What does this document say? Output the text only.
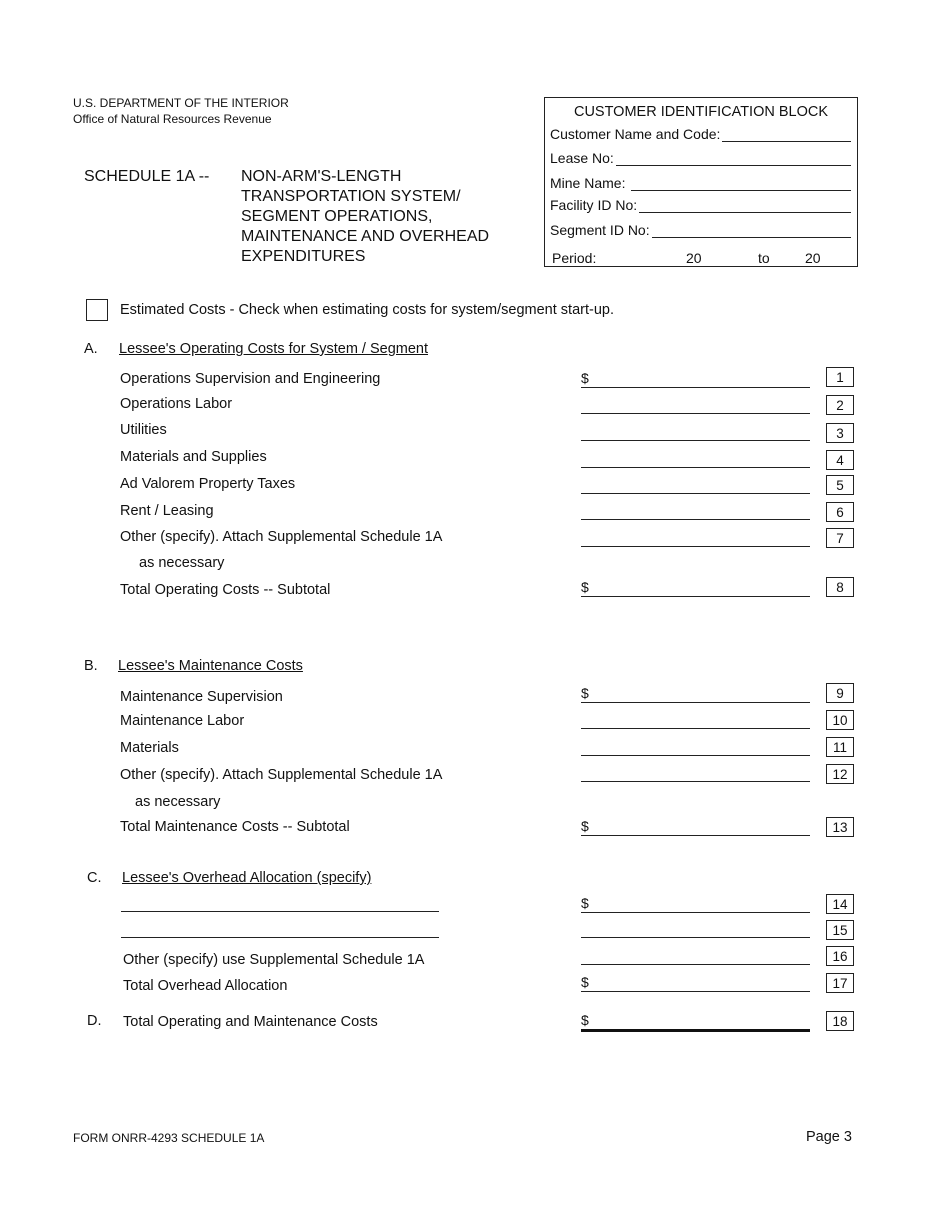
U.S. DEPARTMENT OF THE INTERIOR
Office of Natural Resources Revenue
SCHEDULE 1A -- NON-ARM'S-LENGTH
TRANSPORTATION SYSTEM/
SEGMENT OPERATIONS,
MAINTENANCE AND OVERHEAD
EXPENDITURES
CUSTOMER IDENTIFICATION BLOCK
Customer Name and Code:
Lease No:
Mine Name:
Facility ID No:
Segment ID No:
Period:	20	to	20
Estimated Costs - Check when estimating costs for system/segment start-up.
A. Lessee's Operating Costs for System / Segment
Operations Supervision and Engineering	$	1
Operations Labor	2
Utilities	3
Materials and Supplies	4
Ad Valorem Property Taxes	5
Rent / Leasing	6
Other (specify). Attach Supplemental Schedule 1A	7
as necessary
Total Operating Costs -- Subtotal	$	8
B. Lessee's Maintenance Costs
Maintenance Supervision	$	9
Maintenance Labor	10
Materials	11
Other (specify). Attach Supplemental Schedule 1A	12
as necessary
Total Maintenance Costs -- Subtotal	$	13
C. Lessee's Overhead Allocation (specify)
$	14
15
Other (specify) use Supplemental Schedule 1A	16
Total Overhead Allocation	$	17
D. Total Operating and Maintenance Costs	$	18
FORM ONRR-4293 SCHEDULE 1A	Page 3
